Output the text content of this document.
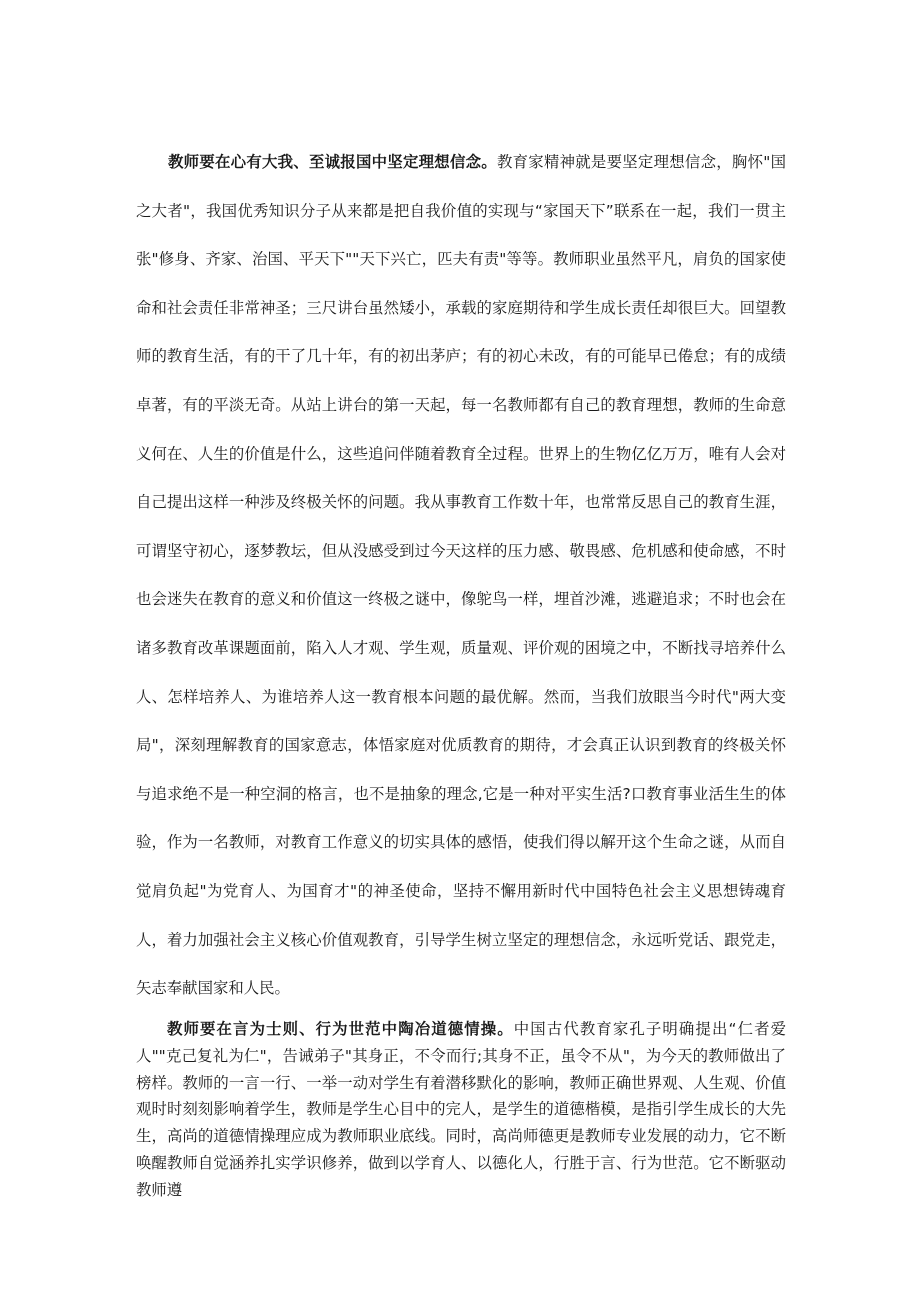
教师要在心有大我、至诚报国中坚定理想信念。教育家精神就是要坚定理想信念，胸怀"国之大者"，我国优秀知识分子从来都是把自我价值的实现与“家国天下”联系在一起，我们一贯主张"修身、齐家、治国、平天下""天下兴亡，匹夫有责"等等。教师职业虽然平凡，肩负的国家使命和社会责任非常神圣；三尺讲台虽然矮小，承载的家庭期待和学生成长责任却很巨大。回望教师的教育生活，有的干了几十年，有的初出茅庐；有的初心未改，有的可能早已倦怠；有的成绩卓著，有的平淡无奇。从站上讲台的第一天起，每一名教师都有自己的教育理想，教师的生命意义何在、人生的价值是什么，这些追问伴随着教育全过程。世界上的生物亿亿万万，唯有人会对自己提出这样一种涉及终极关怀的问题。我从事教育工作数十年，也常常反思自己的教育生涯，可谓坚守初心，逐梦教坛，但从没感受到过今天这样的压力感、敬畏感、危机感和使命感，不时也会迷失在教育的意义和价值这一终极之谜中，像鸵鸟一样，埋首沙滩，逃避追求；不时也会在诸多教育改革课题面前，陷入人才观、学生观，质量观、评价观的困境之中，不断找寻培养什么人、怎样培养人、为谁培养人这一教育根本问题的最优解。然而，当我们放眼当今时代"两大变局"，深刻理解教育的国家意志，体悟家庭对优质教育的期待，才会真正认识到教育的终极关怀与追求绝不是一种空洞的格言，也不是抽象的理念,它是一种对平实生活?口教育事业活生生的体验，作为一名教师，对教育工作意义的切实具体的感悟，使我们得以解开这个生命之谜，从而自觉肩负起"为党育人、为国育才"的神圣使命，坚持不懈用新时代中国特色社会主义思想铸魂育人，着力加强社会主义核心价值观教育，引导学生树立坚定的理想信念，永远听党话、跟党走，矢志奉献国家和人民。

教师要在言为士则、行为世范中陶冶道德情操。中国古代教育家孔子明确提出“仁者爱人""克己复礼为仁"，告诫弟子"其身正，不令而行;其身不正，虽令不从"，为今天的教师做出了榜样。教师的一言一行、一举一动对学生有着潜移默化的影响，教师正确世界观、人生观、价值观时时刻刻影响着学生，教师是学生心目中的完人，是学生的道德楷模，是指引学生成长的大先生，高尚的道德情操理应成为教师职业底线。同时，高尚师德更是教师专业发展的动力，它不断唤醒教师自觉涵养扎实学识修养，做到以学育人、以德化人，行胜于言、行为世范。它不断驱动教师遵
